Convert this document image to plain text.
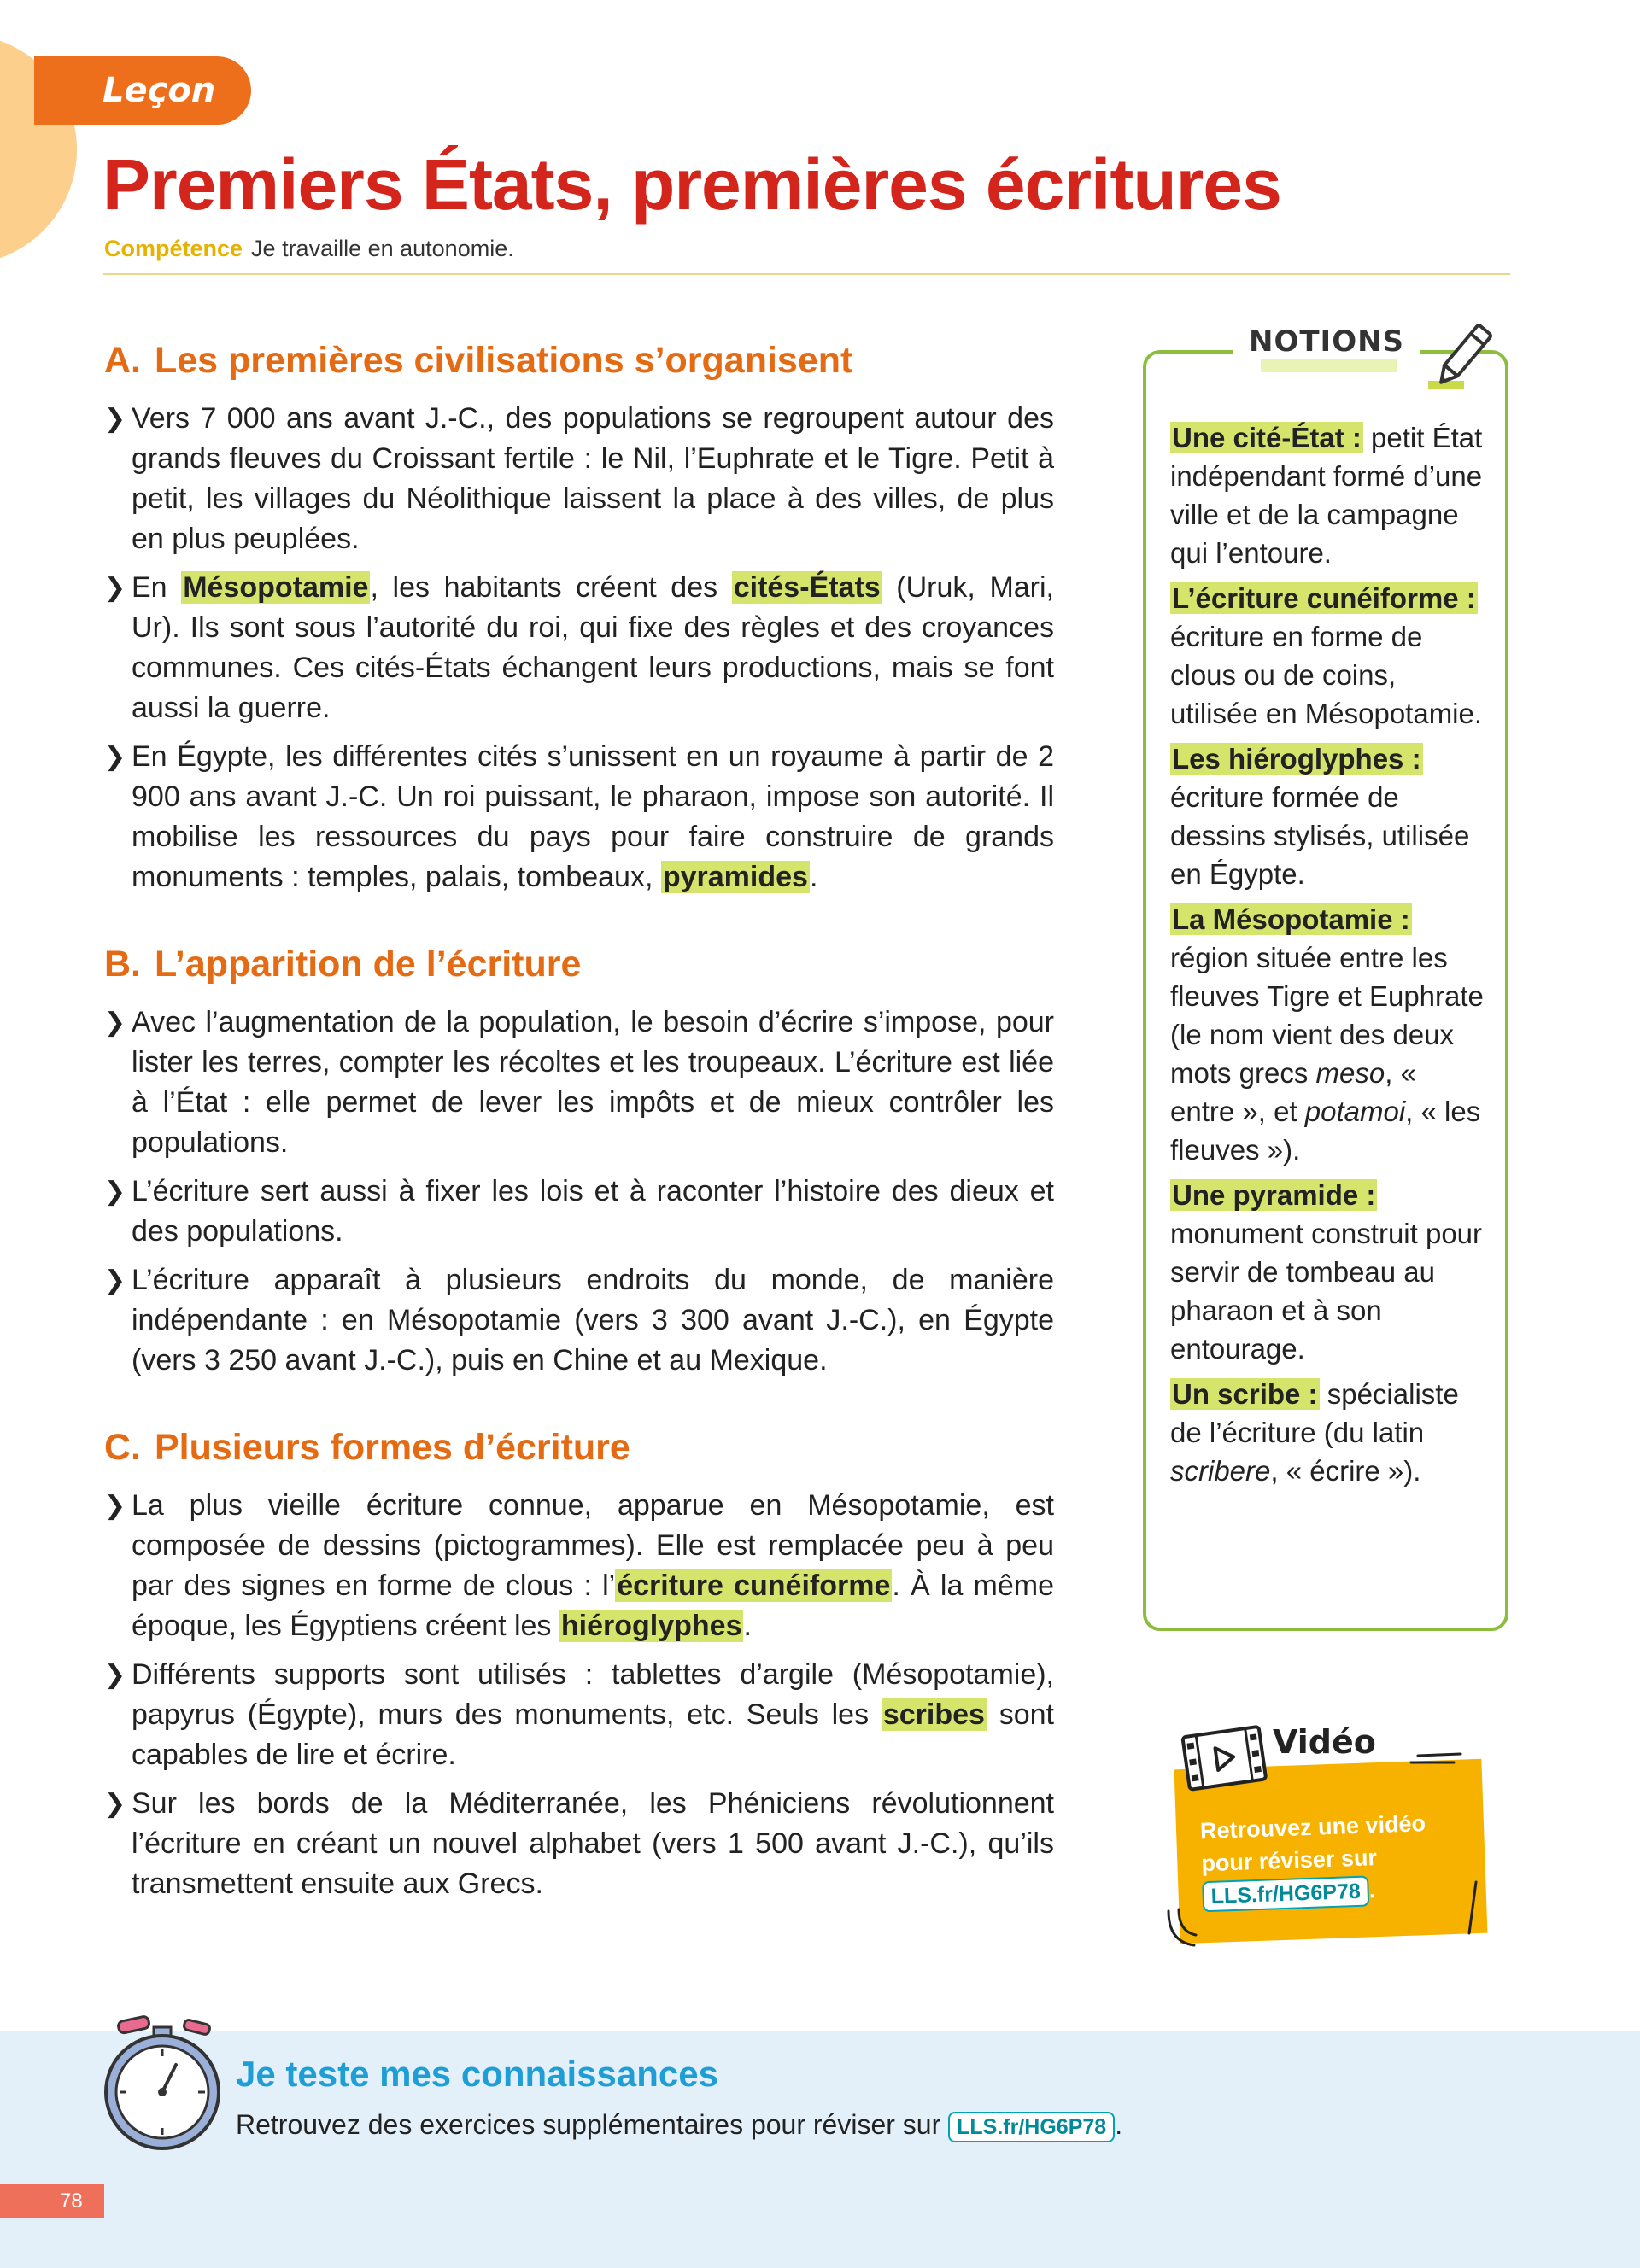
Leçon
Premiers États, premières écritures
Compétence Je travaille en autonomie.
A. Les premières civilisations s’organisent

❯ Vers 7 000 ans avant J.-C., des populations se regroupent autour des grands fleuves du Croissant fertile : le Nil, l’Euphrate et le Tigre. Petit à petit, les villages du Néolithique laissent la place à des villes, de plus en plus peuplées.

❯ En Mésopotamie, les habitants créent des cités-États (Uruk, Mari, Ur). Ils sont sous l’autorité du roi, qui fixe des règles et des croyances communes. Ces cités-États échangent leurs productions, mais se font aussi la guerre.

❯ En Égypte, les différentes cités s’unissent en un royaume à partir de 2 900 ans avant J.-C. Un roi puissant, le pharaon, impose son autorité. Il mobilise les ressources du pays pour faire construire de grands monuments : temples, palais, tombeaux, pyramides.

B. L’apparition de l’écriture

❯ Avec l’augmentation de la population, le besoin d’écrire s’impose, pour lister les terres, compter les récoltes et les troupeaux. L’écriture est liée à l’État : elle permet de lever les impôts et de mieux contrôler les populations.

❯ L’écriture sert aussi à fixer les lois et à raconter l’histoire des dieux et des populations.

❯ L’écriture apparaît à plusieurs endroits du monde, de manière indépendante : en Mésopotamie (vers 3 300 avant J.-C.), en Égypte (vers 3 250 avant J.-C.), puis en Chine et au Mexique.

C. Plusieurs formes d’écriture

❯ La plus vieille écriture connue, apparue en Mésopotamie, est composée de dessins (pictogrammes). Elle est remplacée peu à peu par des signes en forme de clous : l’écriture cunéiforme. À la même époque, les Égyptiens créent les hiéroglyphes.

❯ Différents supports sont utilisés : tablettes d’argile (Mésopotamie), papyrus (Égypte), murs des monuments, etc. Seuls les scribes sont capables de lire et écrire.

❯ Sur les bords de la Méditerranée, les Phéniciens révolutionnent l’écriture en créant un nouvel alphabet (vers 1 500 avant J.-C.), qu’ils transmettent ensuite aux Grecs.

Une cité-État : petit État indépendant formé d’une ville et de la campagne qui l’entoure.
L’écriture cunéiforme : écriture en forme de clous ou de coins, utilisée en Mésopotamie.
Les hiéroglyphes : écriture formée de dessins stylisés, utilisée en Égypte.
La Mésopotamie : région située entre les fleuves Tigre et Euphrate (le nom vient des deux mots grecs meso, « entre », et potamoi, « les fleuves »).
Une pyramide : monument construit pour servir de tombeau au pharaon et à son entourage.
Un scribe : spécialiste de l’écriture (du latin scribere, « écrire »).
NOTIONS
Retrouvez une vidéo pour réviser sur LLS.fr/HG6P78 .
Vidéo
Je teste mes connaissances
Retrouvez des exercices supplémentaires pour réviser sur LLS.fr/HG6P78 .
78
